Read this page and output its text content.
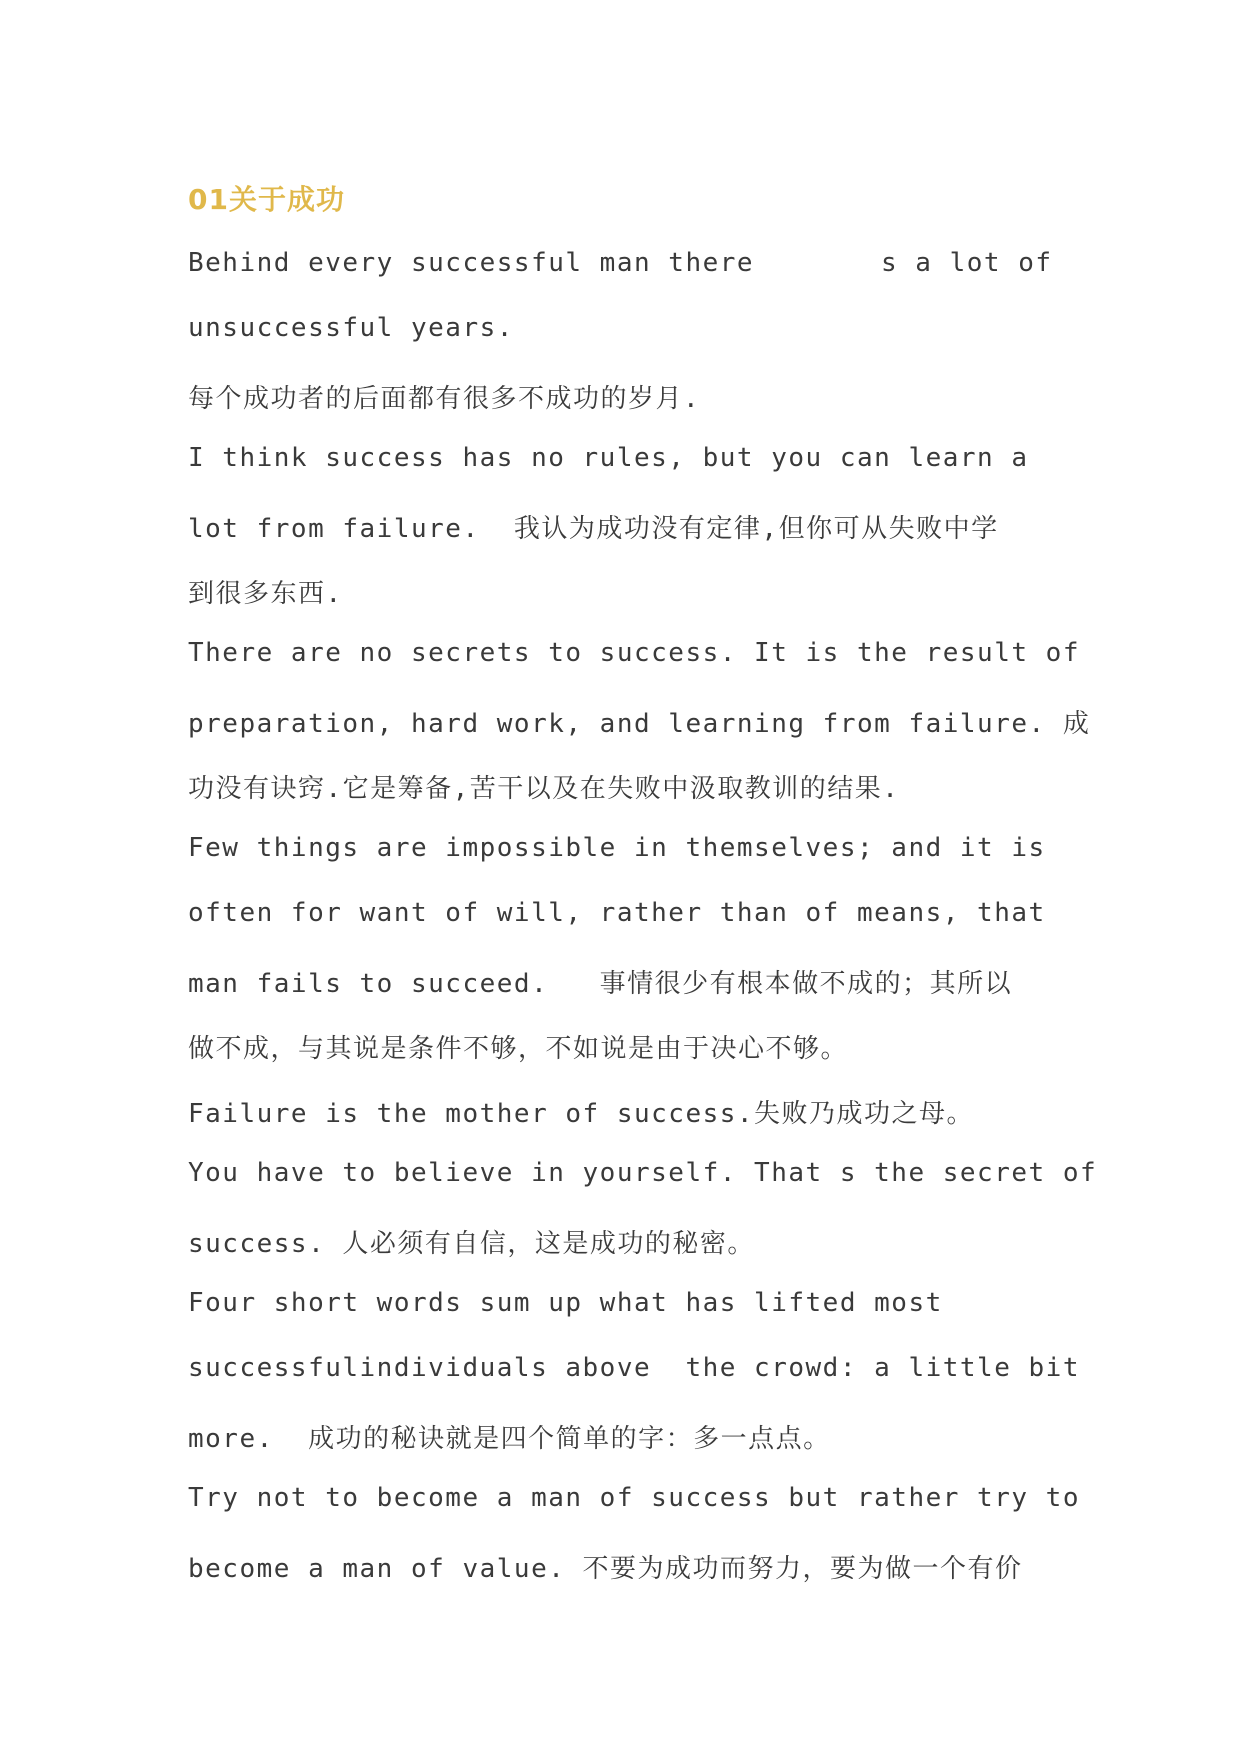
01关于成功
Behind every successful man there	s a lot of
unsuccessful years.
每个成功者的后面都有很多不成功的岁月.
I think success has no rules, but you can learn a
lot from failure.  我认为成功没有定律,但你可从失败中学
到很多东西.
There are no secrets to success. It is the result of
preparation, hard work, and learning from failure. 成
功没有诀窍.它是筹备,苦干以及在失败中汲取教训的结果.
Few things are impossible in themselves; and it is
often for want of will, rather than of means, that
man fails to succeed.   事情很少有根本做不成的；其所以
做不成，与其说是条件不够，不如说是由于决心不够。
Failure is the mother of success.失败乃成功之母。
You have to believe in yourself. That s the secret of
success. 人必须有自信，这是成功的秘密。
Four short words sum up what has lifted most
successfulindividuals above  the crowd: a little bit
more.  成功的秘诀就是四个简单的字：多一点点。
Try not to become a man of success but rather try to
become a man of value. 不要为成功而努力，要为做一个有价
